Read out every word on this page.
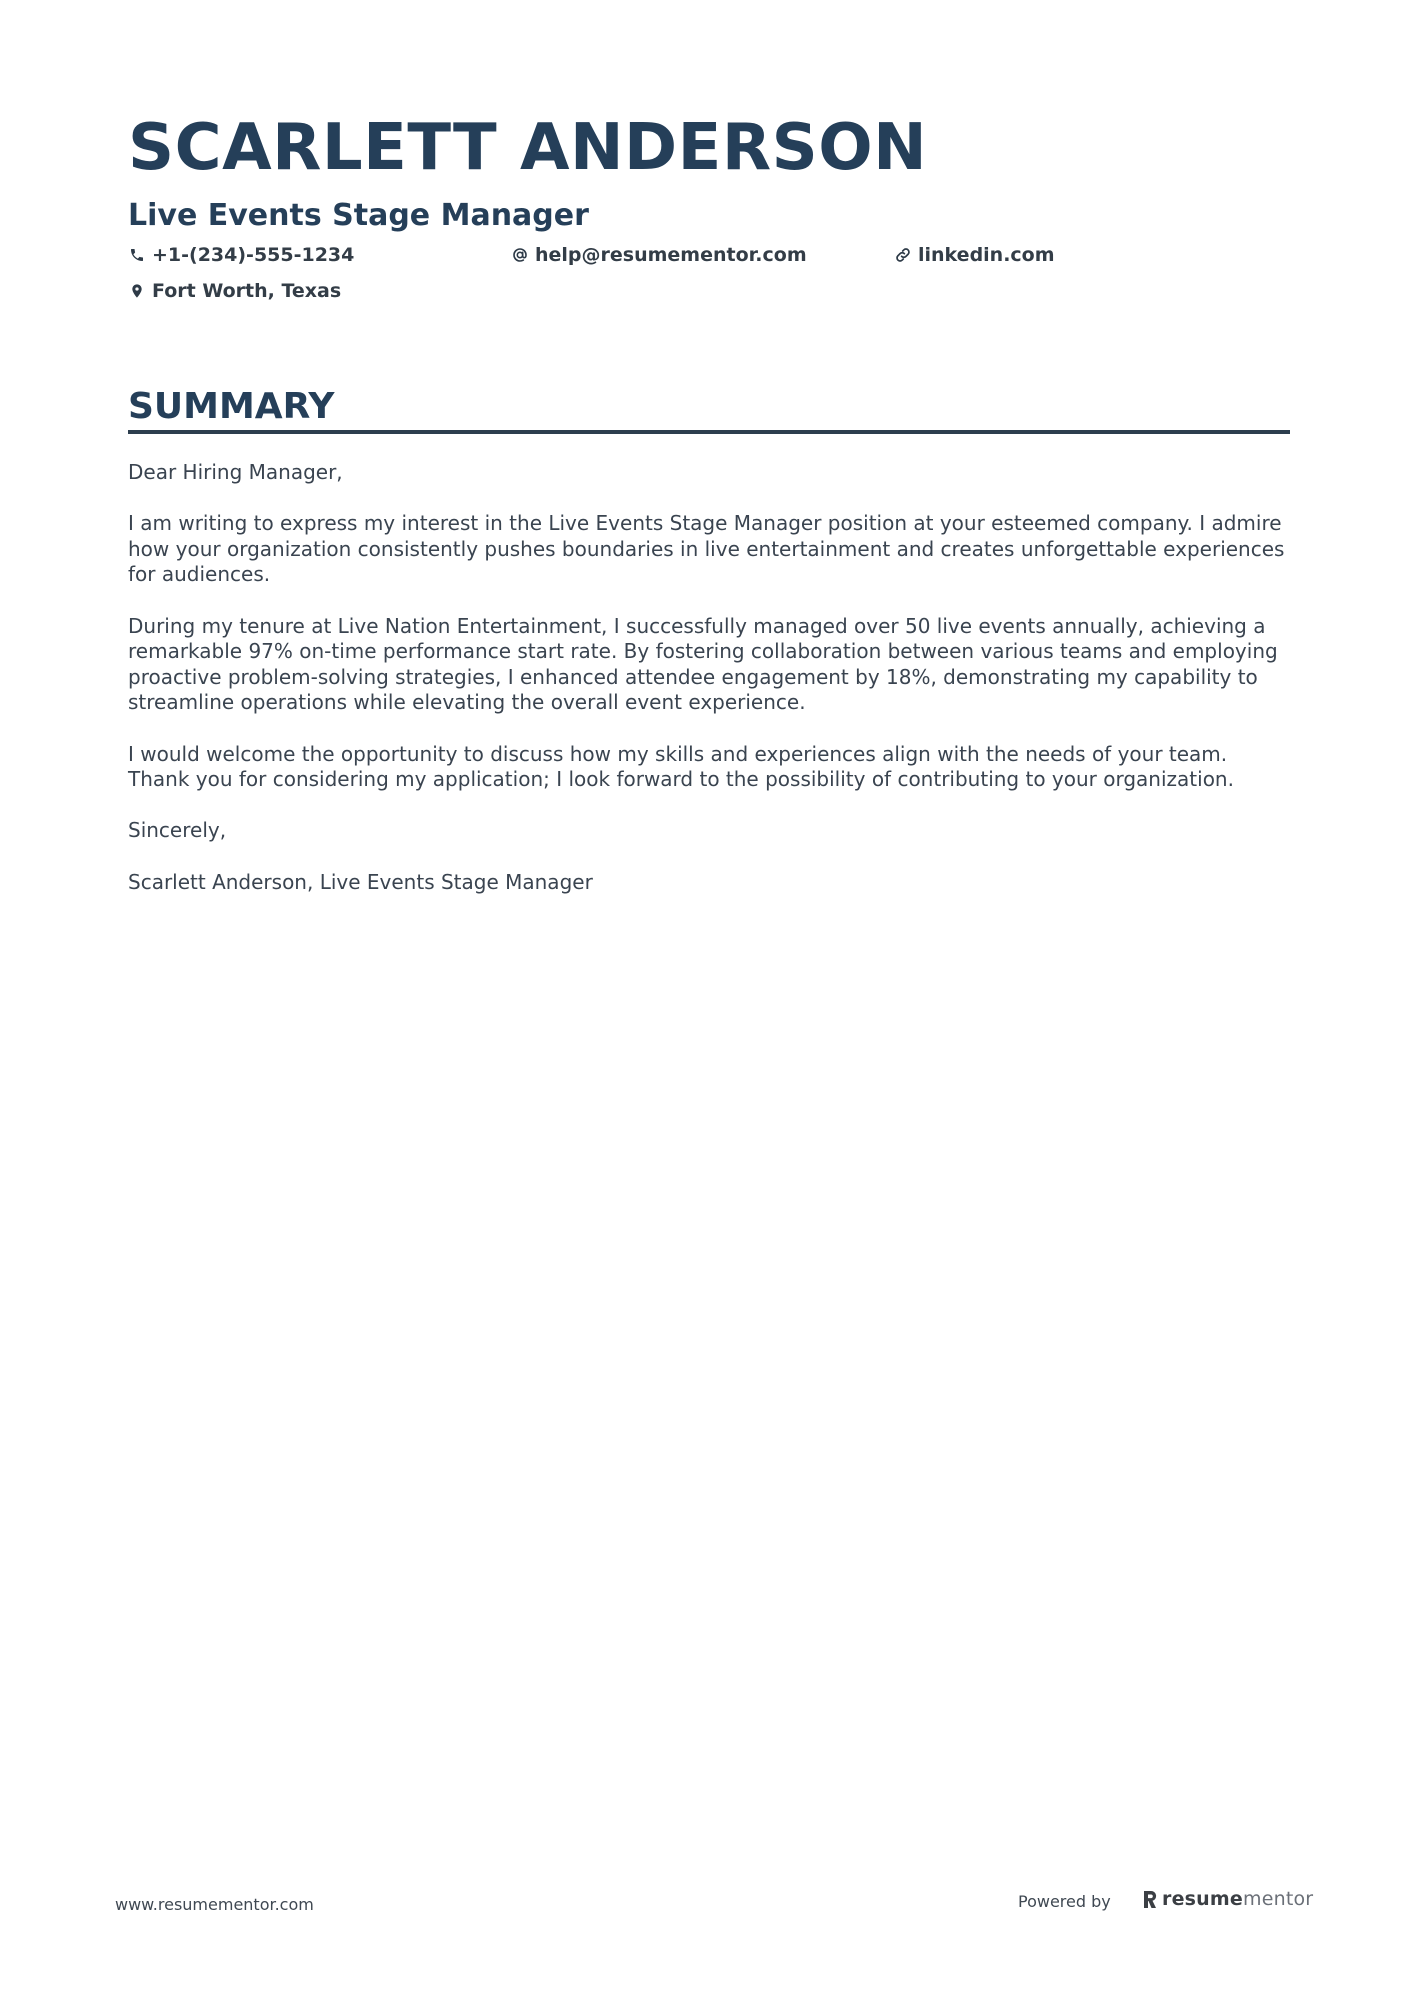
SCARLETT ANDERSON
Live Events Stage Manager
+1-(234)-555-1234	help@resumementor.com	linkedin.com
Fort Worth, Texas
SUMMARY

Dear Hiring Manager,

I am writing to express my interest in the Live Events Stage Manager position at your esteemed company. I admire how your organization consistently pushes boundaries in live entertainment and creates unforgettable experiences for audiences.

During my tenure at Live Nation Entertainment, I successfully managed over 50 live events annually, achieving a remarkable 97% on-time performance start rate. By fostering collaboration between various teams and employing proactive problem-solving strategies, I enhanced attendee engagement by 18%, demonstrating my capability to streamline operations while elevating the overall event experience.

I would welcome the opportunity to discuss how my skills and experiences align with the needs of your team. Thank you for considering my application; I look forward to the possibility of contributing to your organization.

Sincerely,

Scarlett Anderson, Live Events Stage Manager

www.resumementor.com	Powered by	resume mentor
